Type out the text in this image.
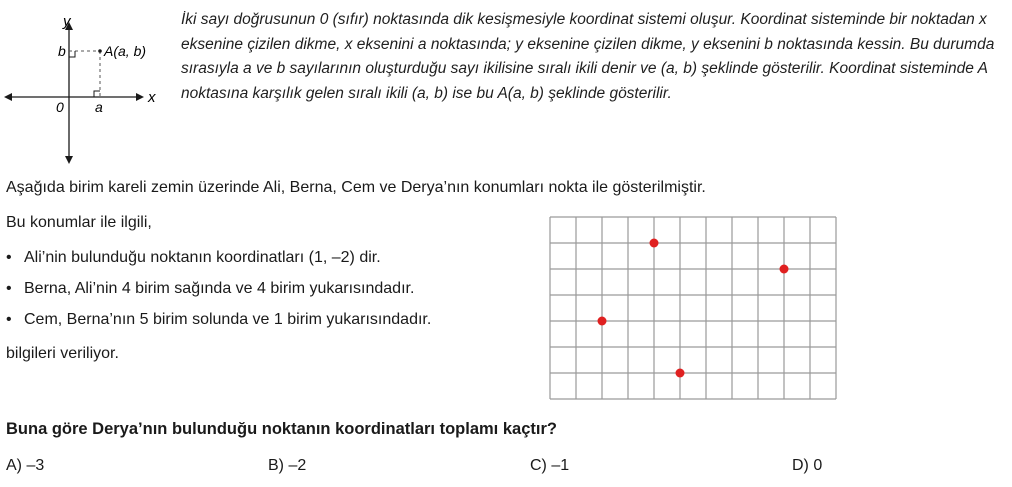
y
x
0
b
a
A(a, b)
İki sayı doğrusunun 0 (sıfır) noktasında dik kesişmesiyle koordinat sistemi oluşur. Koordinat sisteminde bir noktadan x eksenine çizilen dikme, x eksenini a noktasında; y eksenine çizilen dikme, y eksenini b noktasında kessin. Bu durumda sırasıyla a ve b sayılarının oluşturduğu sayı ikilisine sıralı ikili denir ve (a, b) şeklinde gösterilir. Koordinat sisteminde A noktasına karşılık gelen sıralı ikili (a, b) ise bu A(a, b) şeklinde gösterilir.
Aşağıda birim kareli zemin üzerinde Ali, Berna, Cem ve Derya’nın konumları nokta ile gösterilmiştir.
Bu konumlar ile ilgili,
• Ali’nin bulunduğu noktanın koordinatları (1, –2) dir.
• Berna, Ali’nin 4 birim sağında ve 4 birim yukarısındadır.
• Cem, Berna’nın 5 birim solunda ve 1 birim yukarısındadır.
bilgileri veriliyor.
Buna göre Derya’nın bulunduğu noktanın koordinatları toplamı kaçtır?
A) –3	B) –2	C) –1	D) 0
